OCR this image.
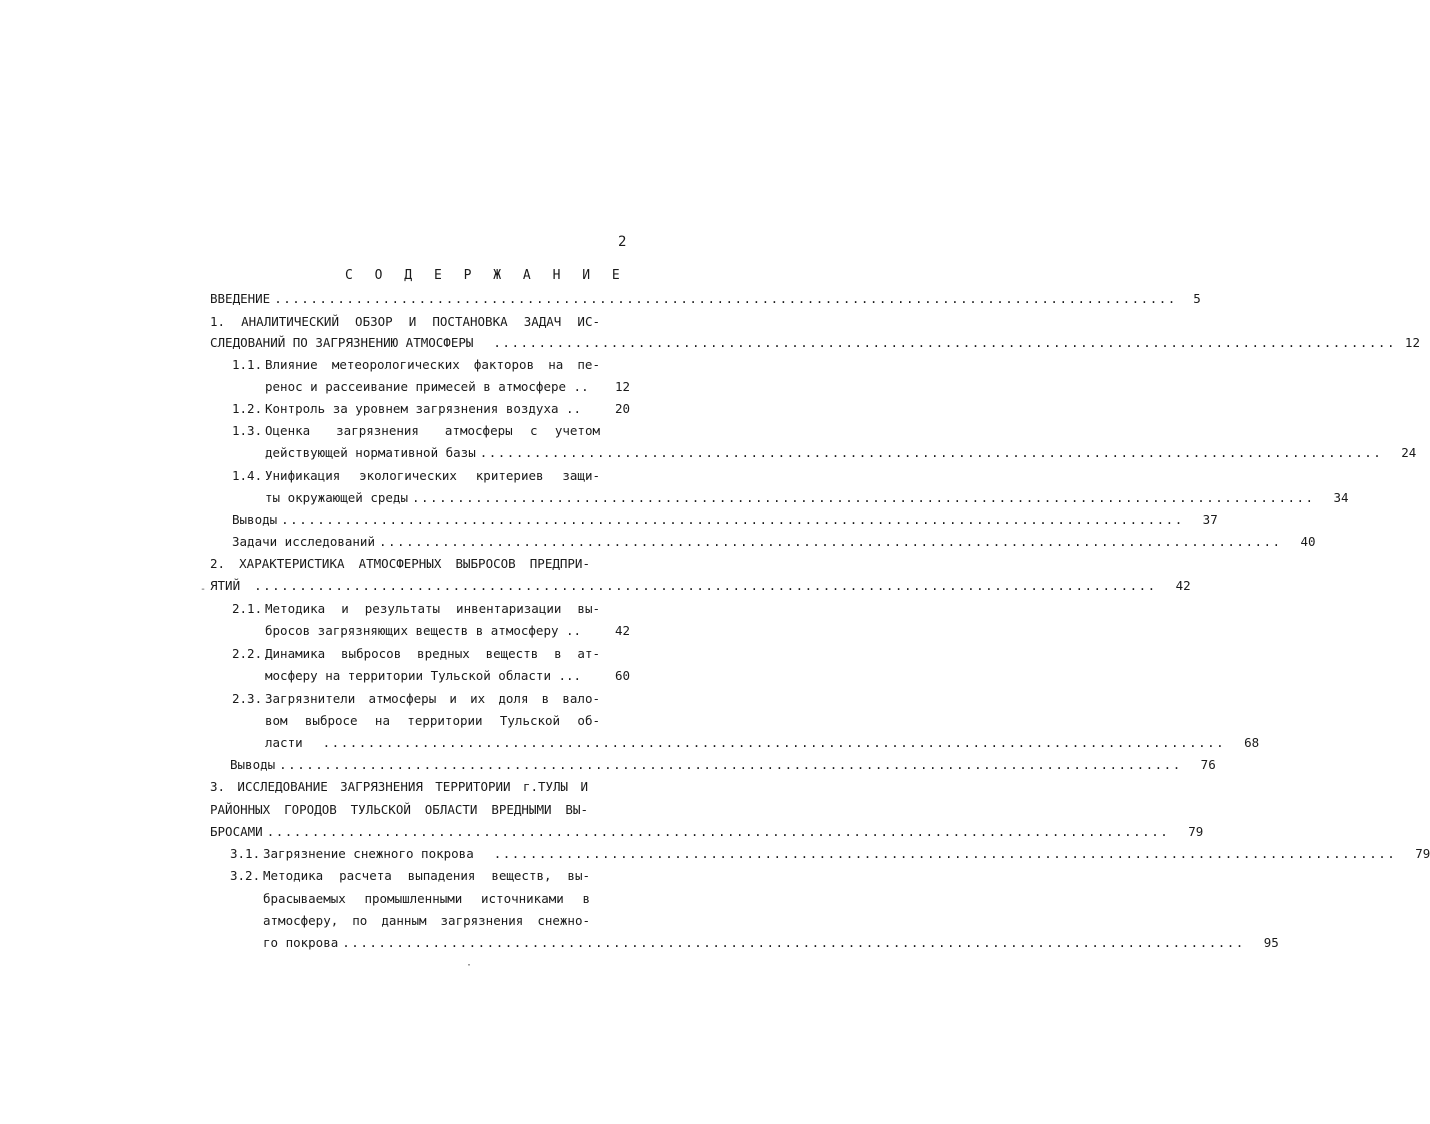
2
С О Д Е Р Ж А Н И Е
ВВЕДЕНИЕ .....	5
1. АНАЛИТИЧЕСКИЙ ОБЗОР И ПОСТАНОВКА ЗАДАЧ ИС-
СЛЕДОВАНИЙ ПО ЗАГРЯЗНЕНИЮ АТМОСФЕРЫ .....	12
1.1. Влияние метеорологических факторов на пе-
ренос и рассеивание примесей в атмосфере ..	12
1.2. Контроль за уровнем загрязнения воздуха ..	20
1.3. Оценка   загрязнения   атмосферы  с  учетом
действующей нормативной базы .....	24
1.4. Унификация экологических критериев защи-
ты окружающей среды .....	34
Выводы .....	37
Задачи исследований .....	40
2. ХАРАКТЕРИСТИКА АТМОСФЕРНЫХ ВЫБРОСОВ ПРЕДПРИ-
ЯТИЙ .....	42
2.1. Методика и результаты инвентаризации вы-
бросов загрязняющих веществ в атмосферу ..	42
2.2. Динамика выбросов вредных веществ в ат-
мосферу на территории Тульской области ...	60
2.3. Загрязнители атмосферы и их доля в вало-
вом выбросе на территории Тульской об-
ласти .....	68
Выводы .....	76
3. ИССЛЕДОВАНИЕ ЗАГРЯЗНЕНИЯ ТЕРРИТОРИИ г.ТУЛЫ И
РАЙОННЫХ ГОРОДОВ ТУЛЬСКОЙ ОБЛАСТИ ВРЕДНЫМИ ВЫ-
БРОСАМИ .....	79
3.1. Загрязнение снежного покрова .....	79
3.2. Методика расчета выпадения веществ, вы-
брасываемых промышленными источниками в
атмосферу, по данным загрязнения снежно-
го покрова .....	95
-
·
